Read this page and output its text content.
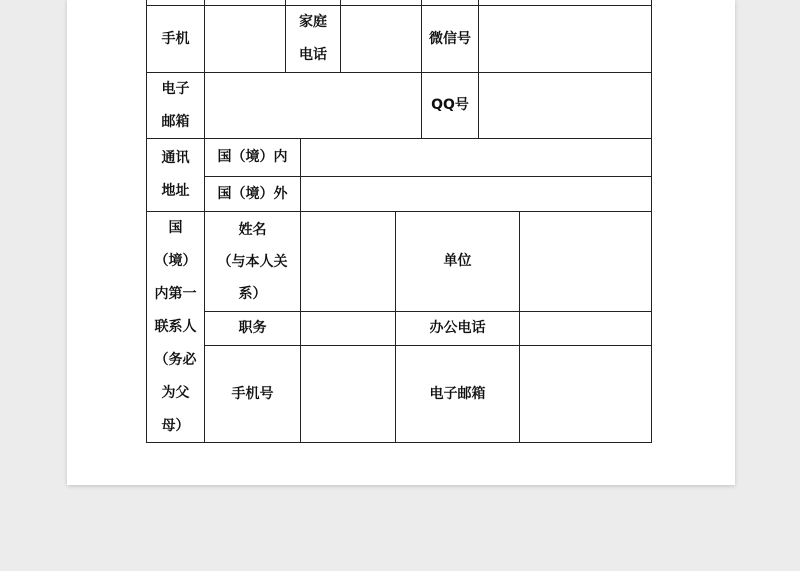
手机
家庭
电话
微信号
电子
邮箱
QQ号
通讯
地址
国（境）内
国（境）外
国
（境）
内第一
联系人
（务必
为父
母）
姓名
（与本人关
系）
单位
职务	办公电话
手机号	电子邮箱
